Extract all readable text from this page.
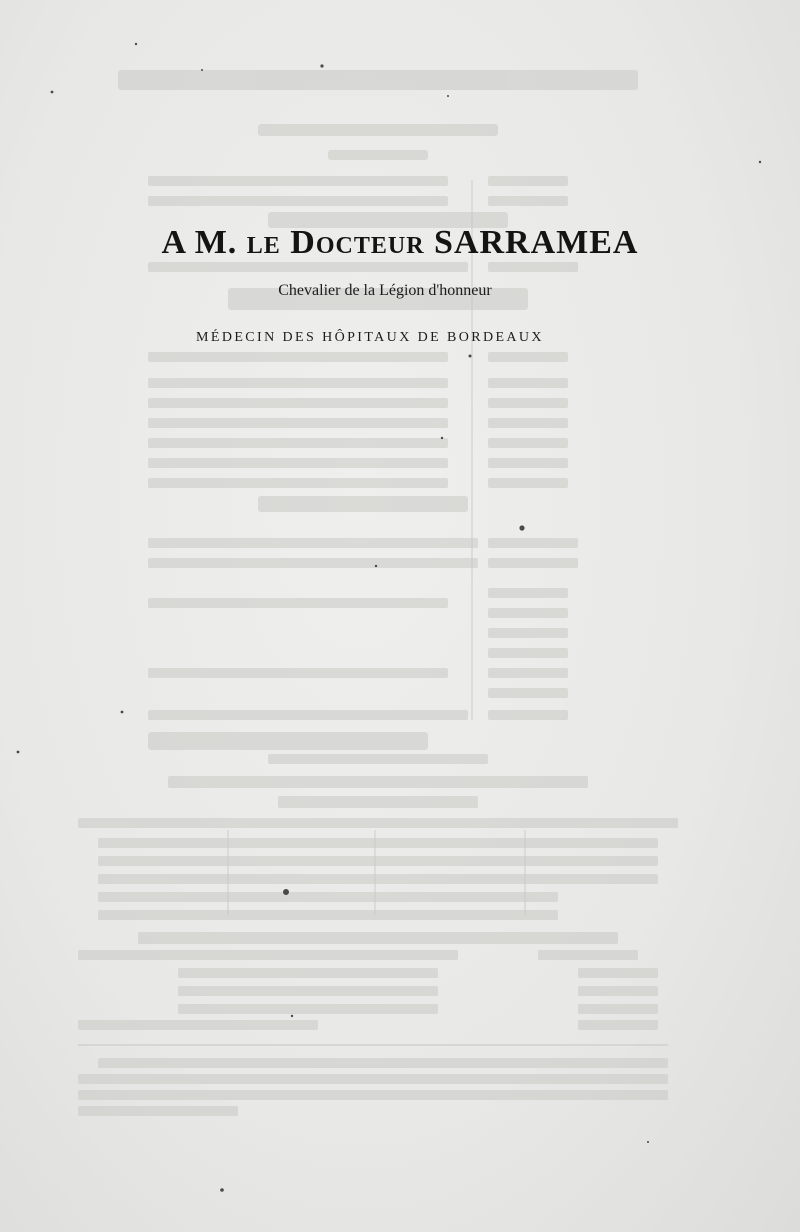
A M. le Docteur SARRAMEA
Chevalier de la Légion d'honneur
MÉDECIN DES HÔPITAUX DE BORDEAUX
